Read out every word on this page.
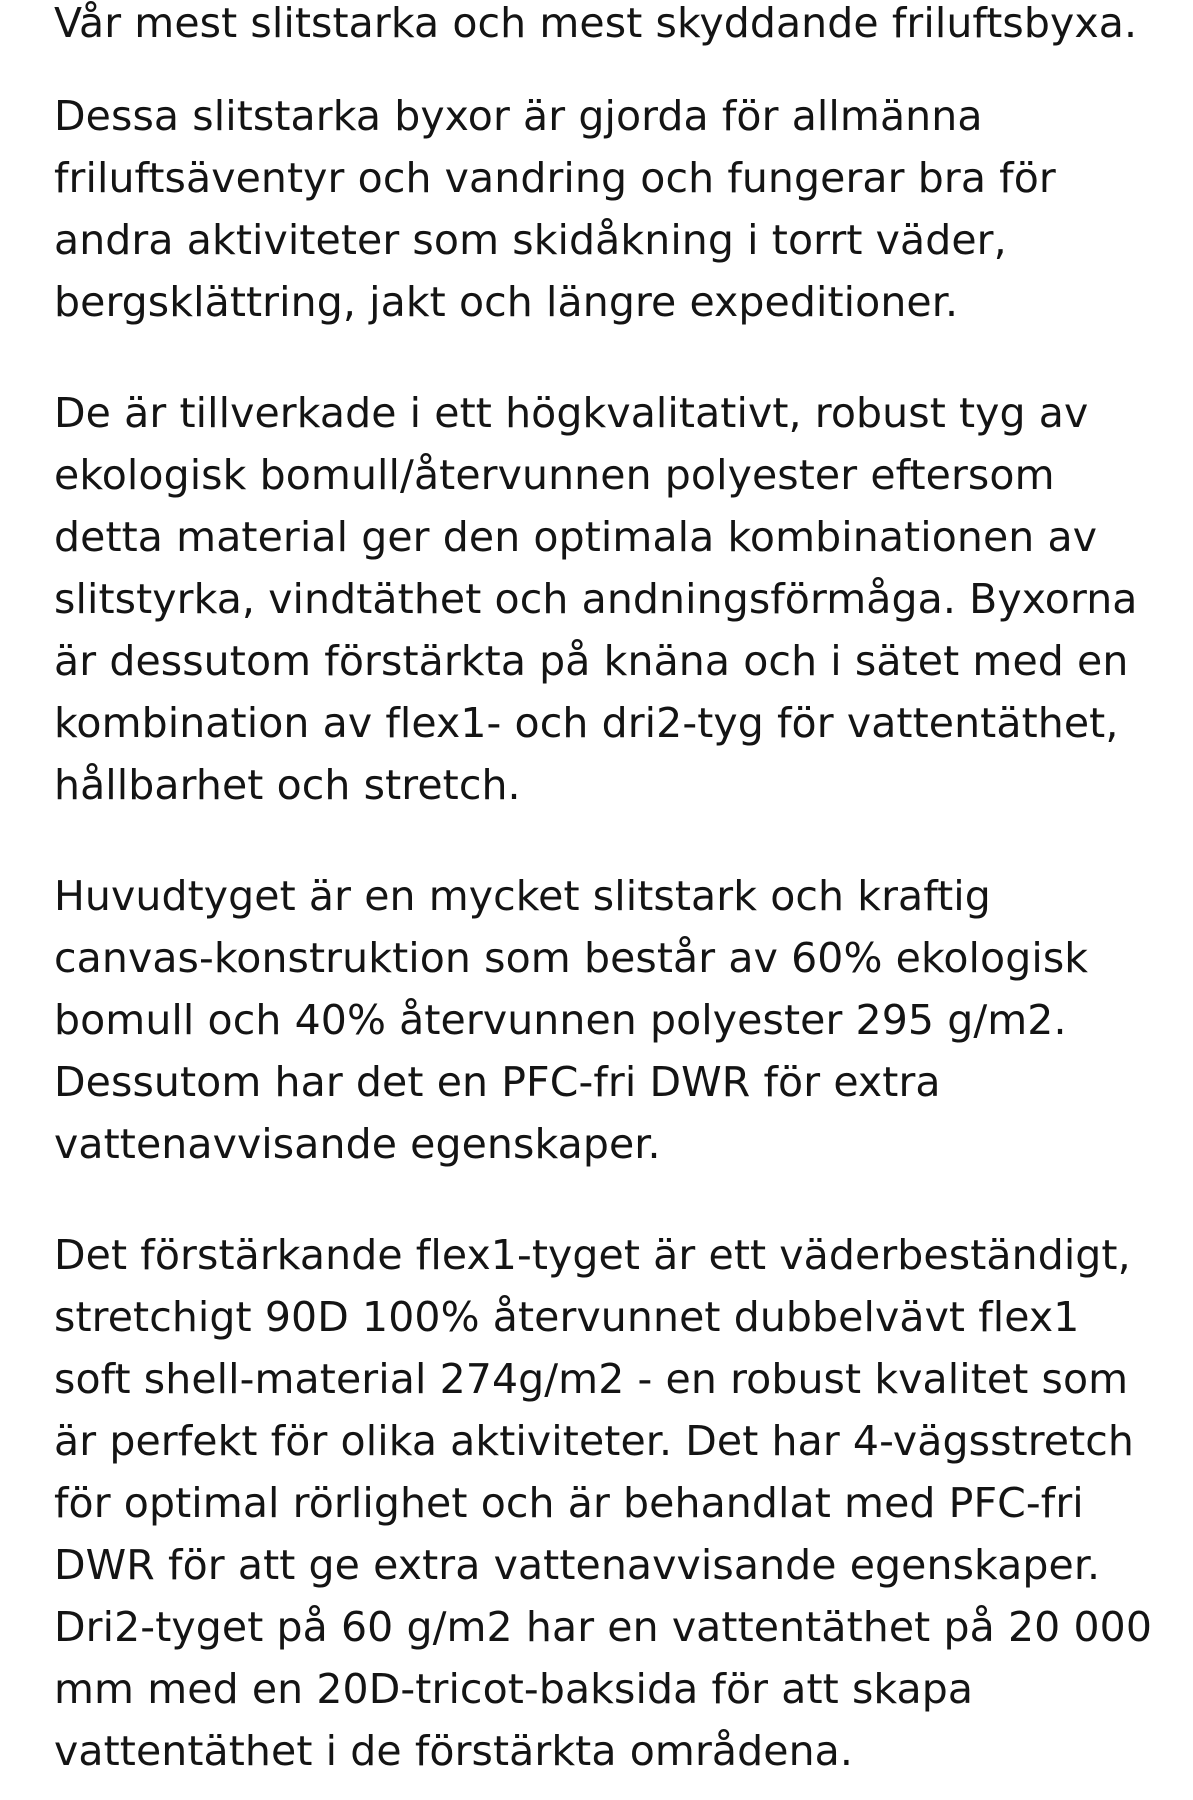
Vår mest slitstarka och mest skyddande friluftsbyxa.

Dessa slitstarka byxor är gjorda för allmänna friluftsäventyr och vandring och fungerar bra för andra aktiviteter som skidåkning i torrt väder, bergsklättring, jakt och längre expeditioner.

De är tillverkade i ett högkvalitativt, robust tyg av ekologisk bomull/återvunnen polyester eftersom detta material ger den optimala kombinationen av slitstyrka, vindtäthet och andningsförmåga. Byxorna är dessutom förstärkta på knäna och i sätet med en kombination av flex1- och dri2-tyg för vattentäthet, hållbarhet och stretch.

Huvudtyget är en mycket slitstark och kraftig canvas-konstruktion som består av 60% ekologisk bomull och 40% återvunnen polyester 295 g/m2. Dessutom har det en PFC-fri DWR för extra vattenavvisande egenskaper.

Det förstärkande flex1-tyget är ett väderbeständigt, stretchigt 90D 100% återvunnet dubbelvävt flex1 soft shell-material 274g/m2 - en robust kvalitet som är perfekt för olika aktiviteter. Det har 4-vägsstretch för optimal rörlighet och är behandlat med PFC-fri DWR för att ge extra vattenavvisande egenskaper. Dri2-tyget på 60 g/m2 har en vattentäthet på 20 000 mm med en 20D-tricot-baksida för att skapa vattentäthet i de förstärkta områdena.
